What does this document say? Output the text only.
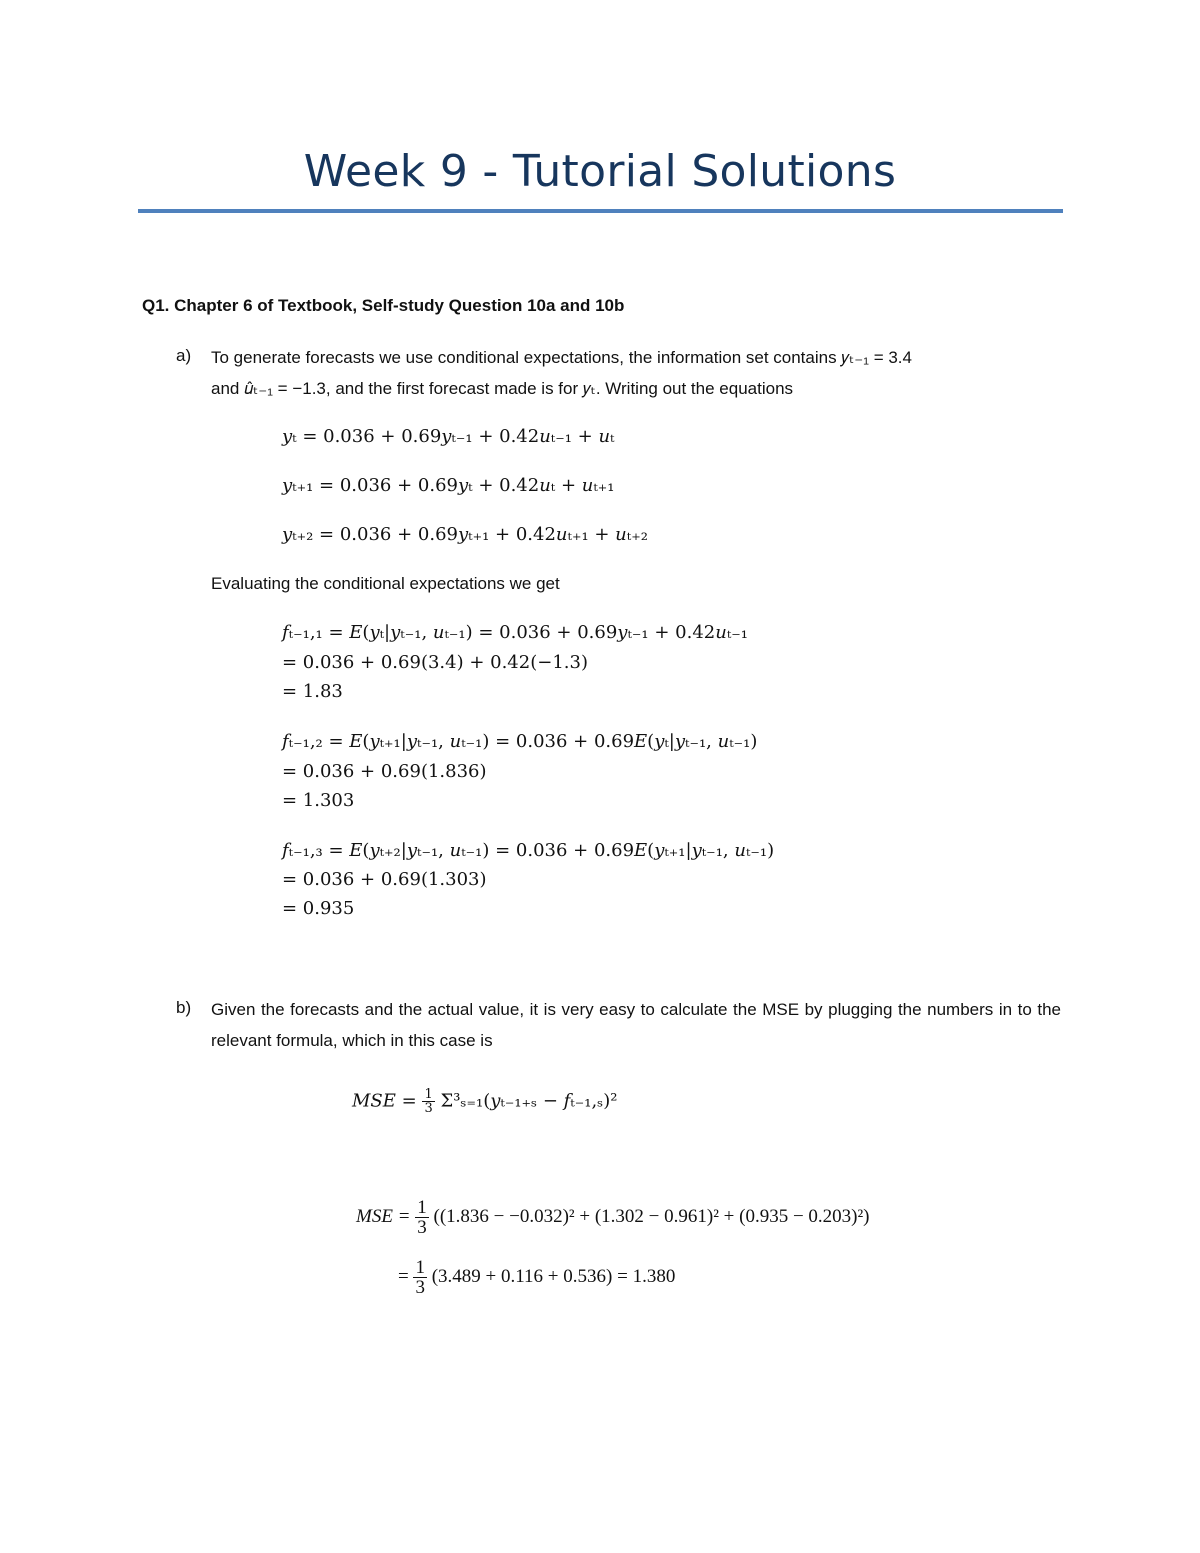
Week 9 - Tutorial Solutions
Q1. Chapter 6 of Textbook, Self-study Question 10a and 10b
a) To generate forecasts we use conditional expectations, the information set contains 𝑦ₜ₋₁ = 3.4
and 𝑢̂ₜ₋₁ = −1.3, and the first forecast made is for 𝑦ₜ. Writing out the equations
𝑦ₜ = 0.036 + 0.69𝑦ₜ₋₁ + 0.42𝑢ₜ₋₁ + 𝑢ₜ
𝑦ₜ₊₁ = 0.036 + 0.69𝑦ₜ + 0.42𝑢ₜ + 𝑢ₜ₊₁
𝑦ₜ₊₂ = 0.036 + 0.69𝑦ₜ₊₁ + 0.42𝑢ₜ₊₁ + 𝑢ₜ₊₂
Evaluating the conditional expectations we get
𝑓ₜ₋₁,₁ = 𝐸(𝑦ₜ|𝑦ₜ₋₁, 𝑢ₜ₋₁) = 0.036 + 0.69𝑦ₜ₋₁ + 0.42𝑢ₜ₋₁
= 0.036 + 0.69(3.4) + 0.42(−1.3)
= 1.83
𝑓ₜ₋₁,₂ = 𝐸(𝑦ₜ₊₁|𝑦ₜ₋₁, 𝑢ₜ₋₁) = 0.036 + 0.69𝐸(𝑦ₜ|𝑦ₜ₋₁, 𝑢ₜ₋₁)
= 0.036 + 0.69(1.836)
= 1.303
𝑓ₜ₋₁,₃ = 𝐸(𝑦ₜ₊₂|𝑦ₜ₋₁, 𝑢ₜ₋₁) = 0.036 + 0.69𝐸(𝑦ₜ₊₁|𝑦ₜ₋₁, 𝑢ₜ₋₁)
= 0.036 + 0.69(1.303)
= 0.935
b) Given the forecasts and the actual value, it is very easy to calculate the MSE by plugging the numbers in to the relevant formula, which in this case is
𝑀𝑆𝐸 = $\frac{1}{3}$ Σ³ₛ₌₁(𝑦ₜ₋₁₊ₛ − 𝑓ₜ₋₁,ₛ)²
MSE = $\frac{1}{3} ((1.836 - -0.032)^2 + (1.302 - 0.961)^2 + (0.935 - 0.203)^2)$
= $\frac{1}{3} (3.489 + 0.116 + 0.536) = 1.380$
